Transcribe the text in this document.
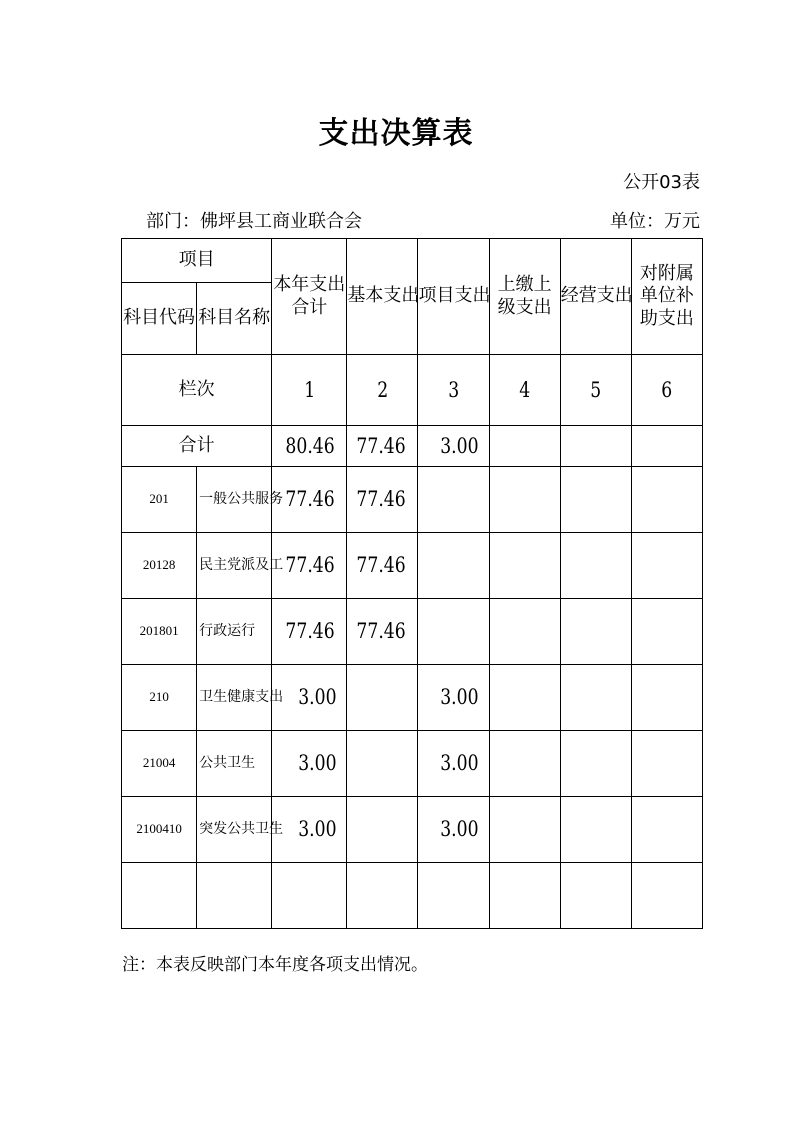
支出决算表
公开03表
部门：佛坪县工商业联合会	单位：万元
项目		本年支出合计	基本支出	项目支出	上缴上级支出	经营支出	对附属单位补助支出
科目代码	科目名称						
栏次		1	2	3	4	5	6
合计		80.46	77.46	3.00			
201	一般公共服务	77.46	77.46				
20128	民主党派及工	77.46	77.46				
201801	行政运行	77.46	77.46				
210	卫生健康支出	3.00		3.00			
21004	公共卫生	3.00		3.00			
2100410	突发公共卫生	3.00		3.00			

注：本表反映部门本年度各项支出情况。
